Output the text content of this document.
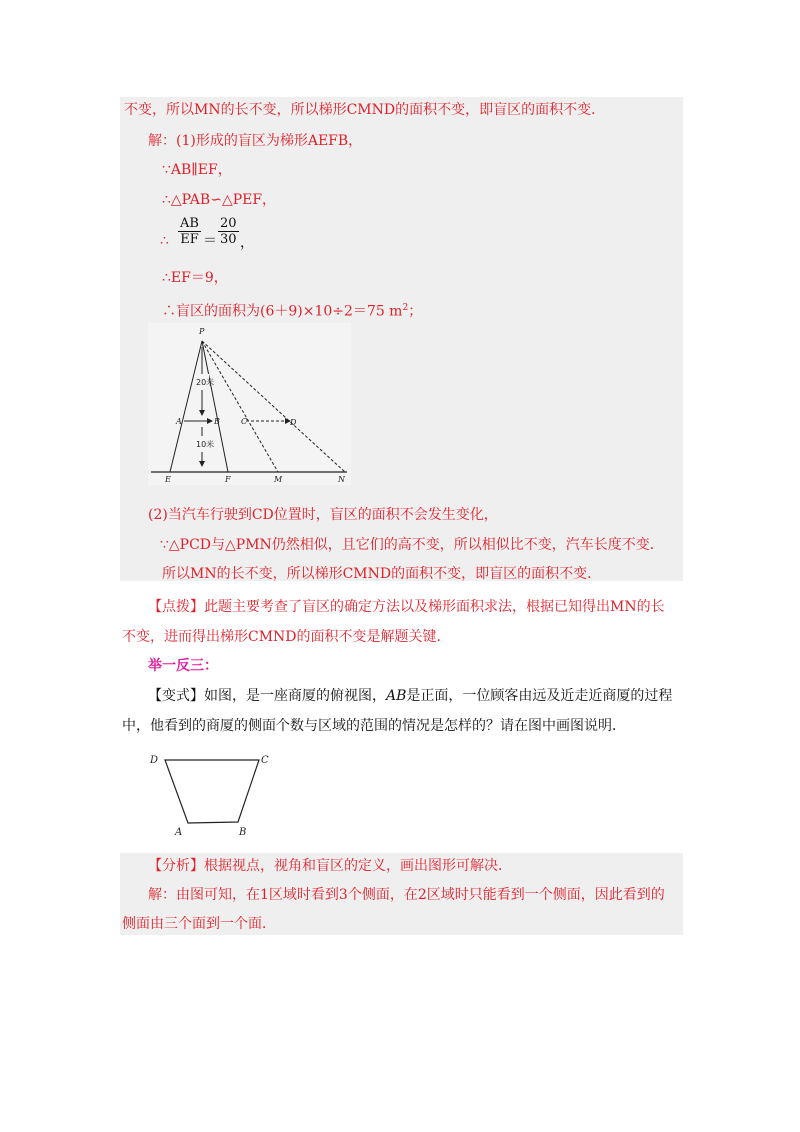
不变，所以MN的长不变，所以梯形CMND的面积不变，即盲区的面积不变．
解：(1)形成的盲区为梯形AEFB，
∵AB∥EF，
∴△PAB∽△PEF，
∴ $\frac{AB}{EF} = \frac{20}{30}$ ，
∴EF＝9，
∴盲区的面积为(6＋9)×10÷2＝75 $m^2$；
P
A	B	C	D
E	F	M	N
20米
10米
(2)当汽车行驶到CD位置时，盲区的面积不会发生变化，
∵△PCD与△PMN仍然相似，且它们的高不变，所以相似比不变，汽车长度不变．
所以MN的长不变，所以梯形CMND的面积不变，即盲区的面积不变．
【点拨】此题主要考查了盲区的确定方法以及梯形面积求法，根据已知得出MN的长
不变，进而得出梯形CMND的面积不变是解题关键．
举一反三：
【变式】如图，是一座商厦的俯视图，AB是正面，一位顾客由远及近走近商厦的过程
中，他看到的商厦的侧面个数与区域的范围的情况是怎样的？请在图中画图说明．
D	C
A	B
【分析】根据视点，视角和盲区的定义，画出图形可解决．
解：由图可知，在1区域时看到3个侧面，在2区域时只能看到一个侧面，因此看到的
侧面由三个面到一个面．
